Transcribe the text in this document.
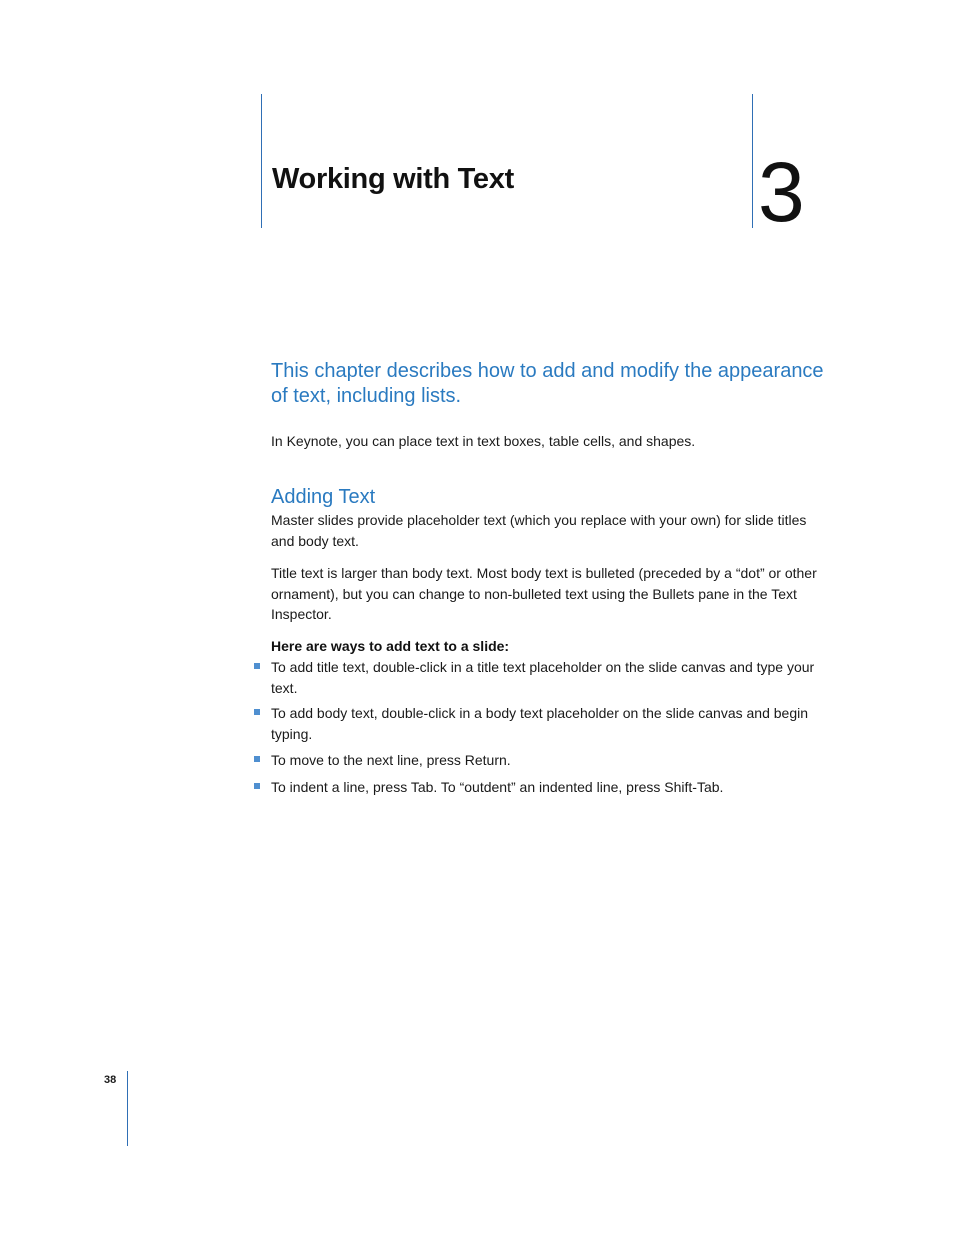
Working with Text	3

This chapter describes how to add and modify the appearance of text, including lists.

In Keynote, you can place text in text boxes, table cells, and shapes.

Adding Text

Master slides provide placeholder text (which you replace with your own) for slide titles and body text.

Title text is larger than body text. Most body text is bulleted (preceded by a “dot” or other ornament), but you can change to non-bulleted text using the Bullets pane in the Text Inspector.

Here are ways to add text to a slide:
To add title text, double-click in a title text placeholder on the slide canvas and type your text.
To add body text, double-click in a body text placeholder on the slide canvas and begin typing.
To move to the next line, press Return.
To indent a line, press Tab. To “outdent” an indented line, press Shift-Tab.
38
